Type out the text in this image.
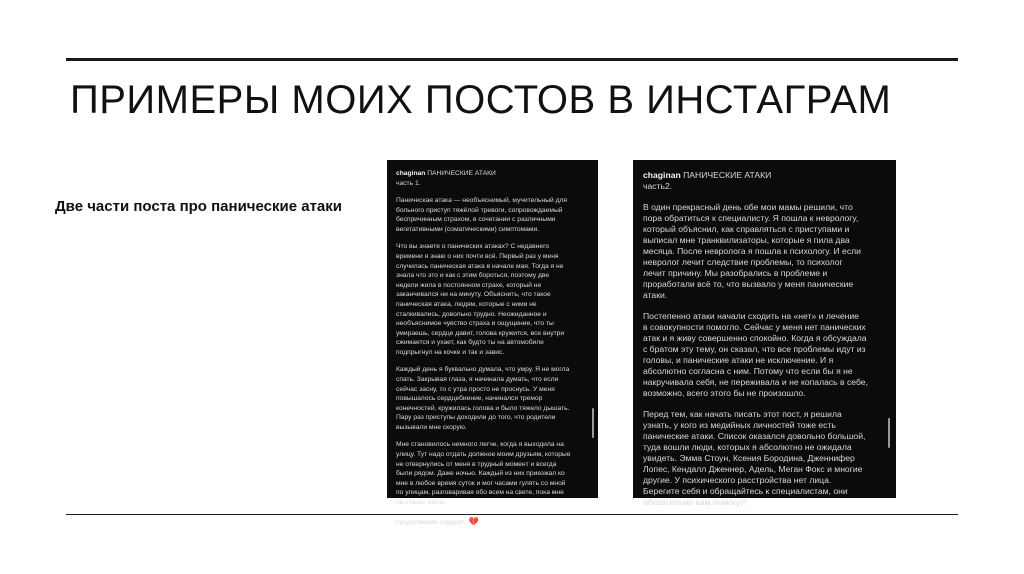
ПРИМЕРЫ МОИХ ПОСТОВ В ИНСТАГРАМ
Две части поста про панические атаки
chaginan ПАНИЧЕСКИЕ АТАКИ
часть 1.

Паническая атака — необъяснимый, мучительный для
больного приступ тяжёлой тревоги, сопровождаемый
беспричинным страхом, в сочетании с различными
вегетативными (соматическими) симптомами.

Что вы знаете о панических атаках? С недавнего
времени я знаю о них почти всё. Первый раз у меня
случилась паническая атака в начале мая. Тогда я не
знала что это и как с этим бороться, поэтому две
недели жила в постоянном страхе, который не
заканчивался ни на минуту. Объяснить, что такое
паническая атака, людям, которые с ними не
сталкивались, довольно трудно. Неожиданное и
необъяснимое чувство страха и ощущение, что ты
умираешь, сердце давит, голова кружится, все внутри
сжимается и ухает, как будто ты на автомобиле
подпрыгнул на кочке и так и завис.

Каждый день я буквально думала, что умру. Я не могла
спать. Закрывая глаза, я начинала думать, что если
сейчас засну, то с утра просто не проснусь. У меня
повышалось сердцебиение, начинался тремор
конечностей, кружилась голова и было тяжело дышать.
Пару раз приступы доходили до того, что родители
вызывали мне скорую.

Мне становилось немного легче, когда я выходила на
улицу. Тут надо отдать должное моим друзьям, которые
не отвернулись от меня в трудный момент и всегда
были рядом. Даже ночью. Каждый из них приезжал ко
мне в любое время суток и мог часами гулять со мной
по улицам, разговаривая обо всем на свете, пока мне
не станет легче.

продолжение следует...💔

chaginan ПАНИЧЕСКИЕ АТАКИ
часть2.

В один прекрасный день обе мои мамы решили, что
пора обратиться к специалисту. Я пошла к неврологу,
который объяснил, как справляться с приступами и
выписал мне транквилизаторы, которые я пила два
месяца. После невролога я пошла к психологу. И если
невролог лечит следствие проблемы, то психолог
лечит причину. Мы разобрались в проблеме и
проработали всё то, что вызвало у меня панические
атаки.

Постепенно атаки начали сходить на «нет» и лечение
в совокупности помогло. Сейчас у меня нет панических
атак и я живу совершенно спокойно. Когда я обсуждала
с братом эту тему, он сказал, что все проблемы идут из
головы, и панические атаки не исключение. И я
абсолютно согласна с ним. Потому что если бы я не
накручивала себя, не переживала и не копалась в себе,
возможно, всего этого бы не произошло.

Перед тем, как начать писать этот пост, я решила
узнать, у кого из медийных личностей тоже есть
панические атаки. Список оказался довольно большой,
туда вошли люди, которых я абсолютно не ожидала
увидеть. Эмма Стоун, Ксения Бородина, Дженнифер
Лопес, Кендалл Дженнер, Адель, Меган Фокс и многие
другие. У психического расстройства нет лица.
Берегите себя и обращайтесь к специалистам, они
обязательно вам помогут!♥
